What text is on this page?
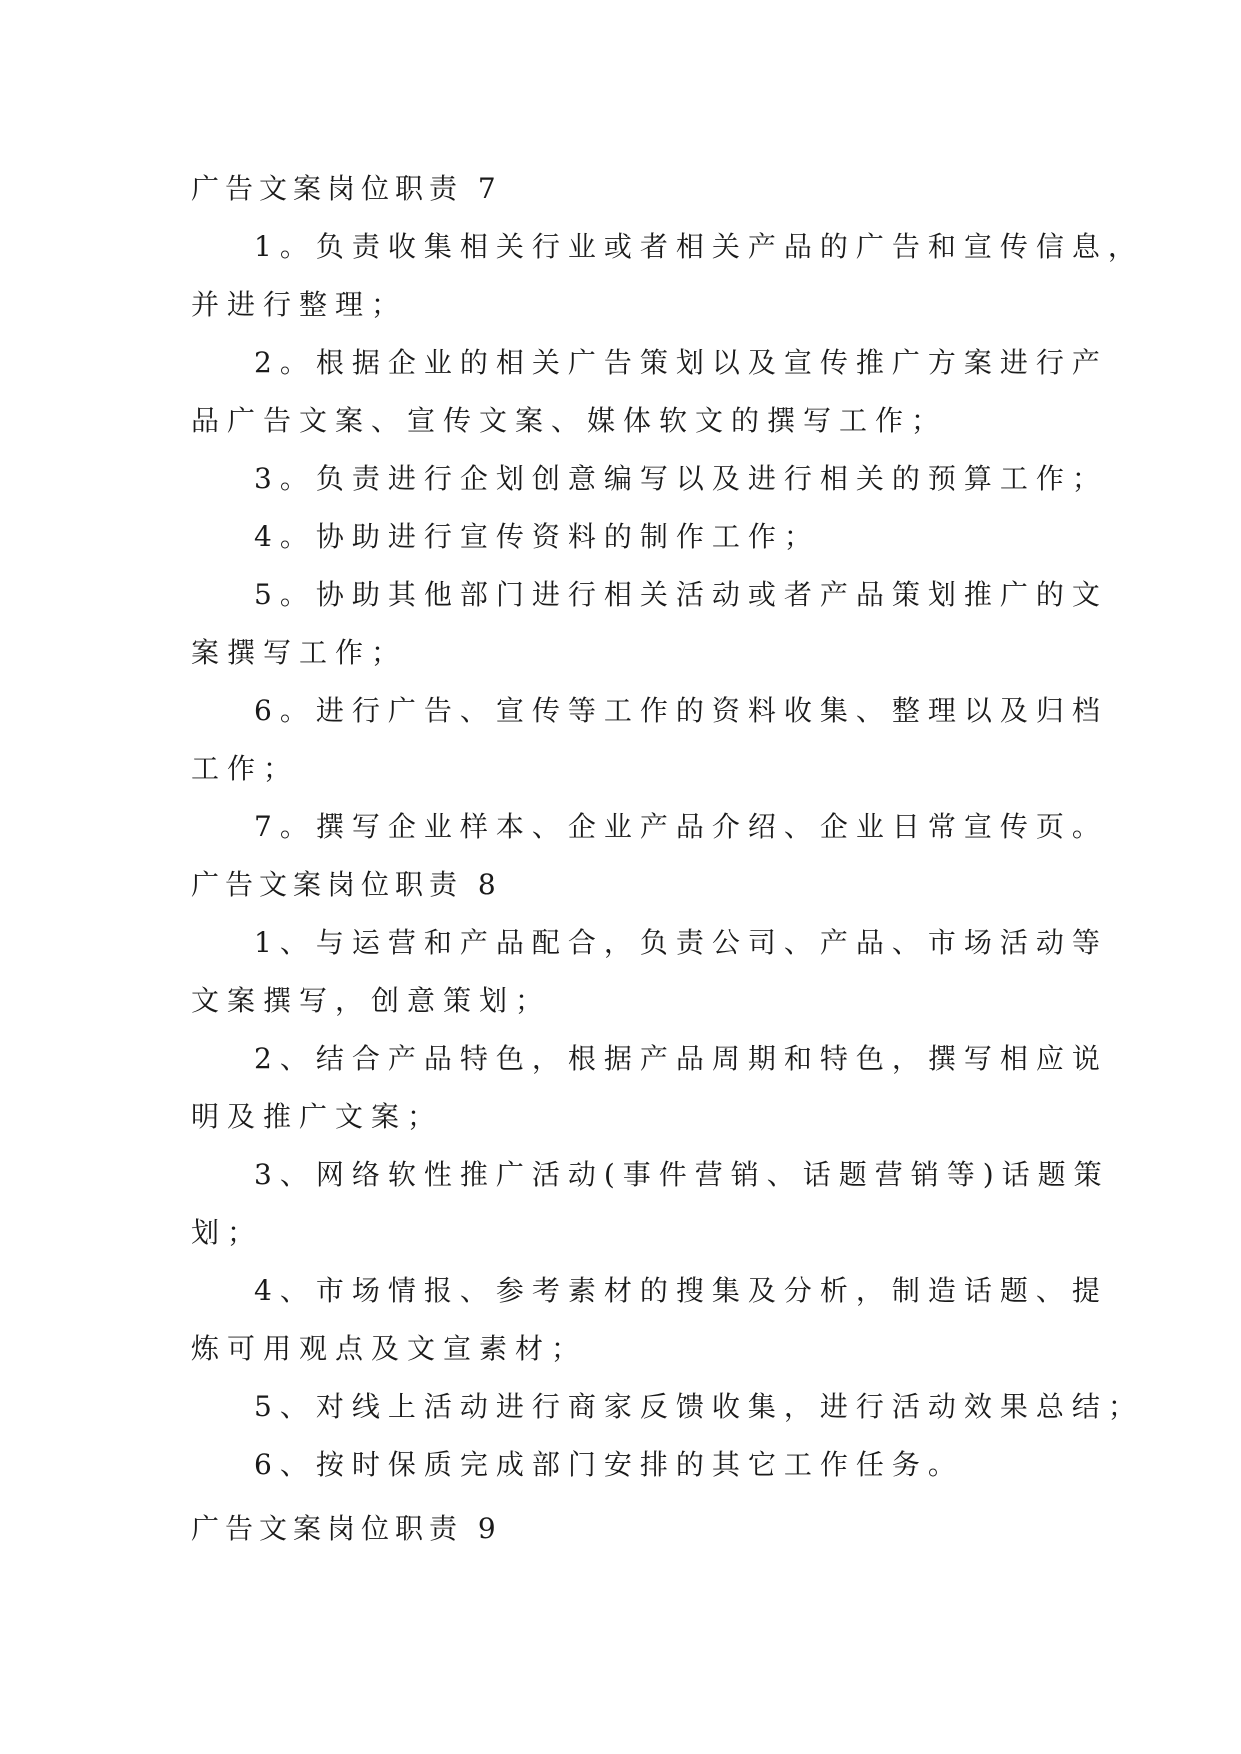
广告文案岗位职责 7
1。负责收集相关行业或者相关产品的广告和宣传信息，
并进行整理；
2。根据企业的相关广告策划以及宣传推广方案进行产
品广告文案、宣传文案、媒体软文的撰写工作；
3。负责进行企划创意编写以及进行相关的预算工作；
4。协助进行宣传资料的制作工作；
5。协助其他部门进行相关活动或者产品策划推广的文
案撰写工作；
6。进行广告、宣传等工作的资料收集、整理以及归档
工作；
7。撰写企业样本、企业产品介绍、企业日常宣传页。
广告文案岗位职责 8
1、与运营和产品配合，负责公司、产品、市场活动等
文案撰写，创意策划；
2、结合产品特色，根据产品周期和特色，撰写相应说
明及推广文案；
3、网络软性推广活动(事件营销、话题营销等)话题策
划；
4、市场情报、参考素材的搜集及分析，制造话题、提
炼可用观点及文宣素材；
5、对线上活动进行商家反馈收集，进行活动效果总结；
6、按时保质完成部门安排的其它工作任务。
广告文案岗位职责 9
